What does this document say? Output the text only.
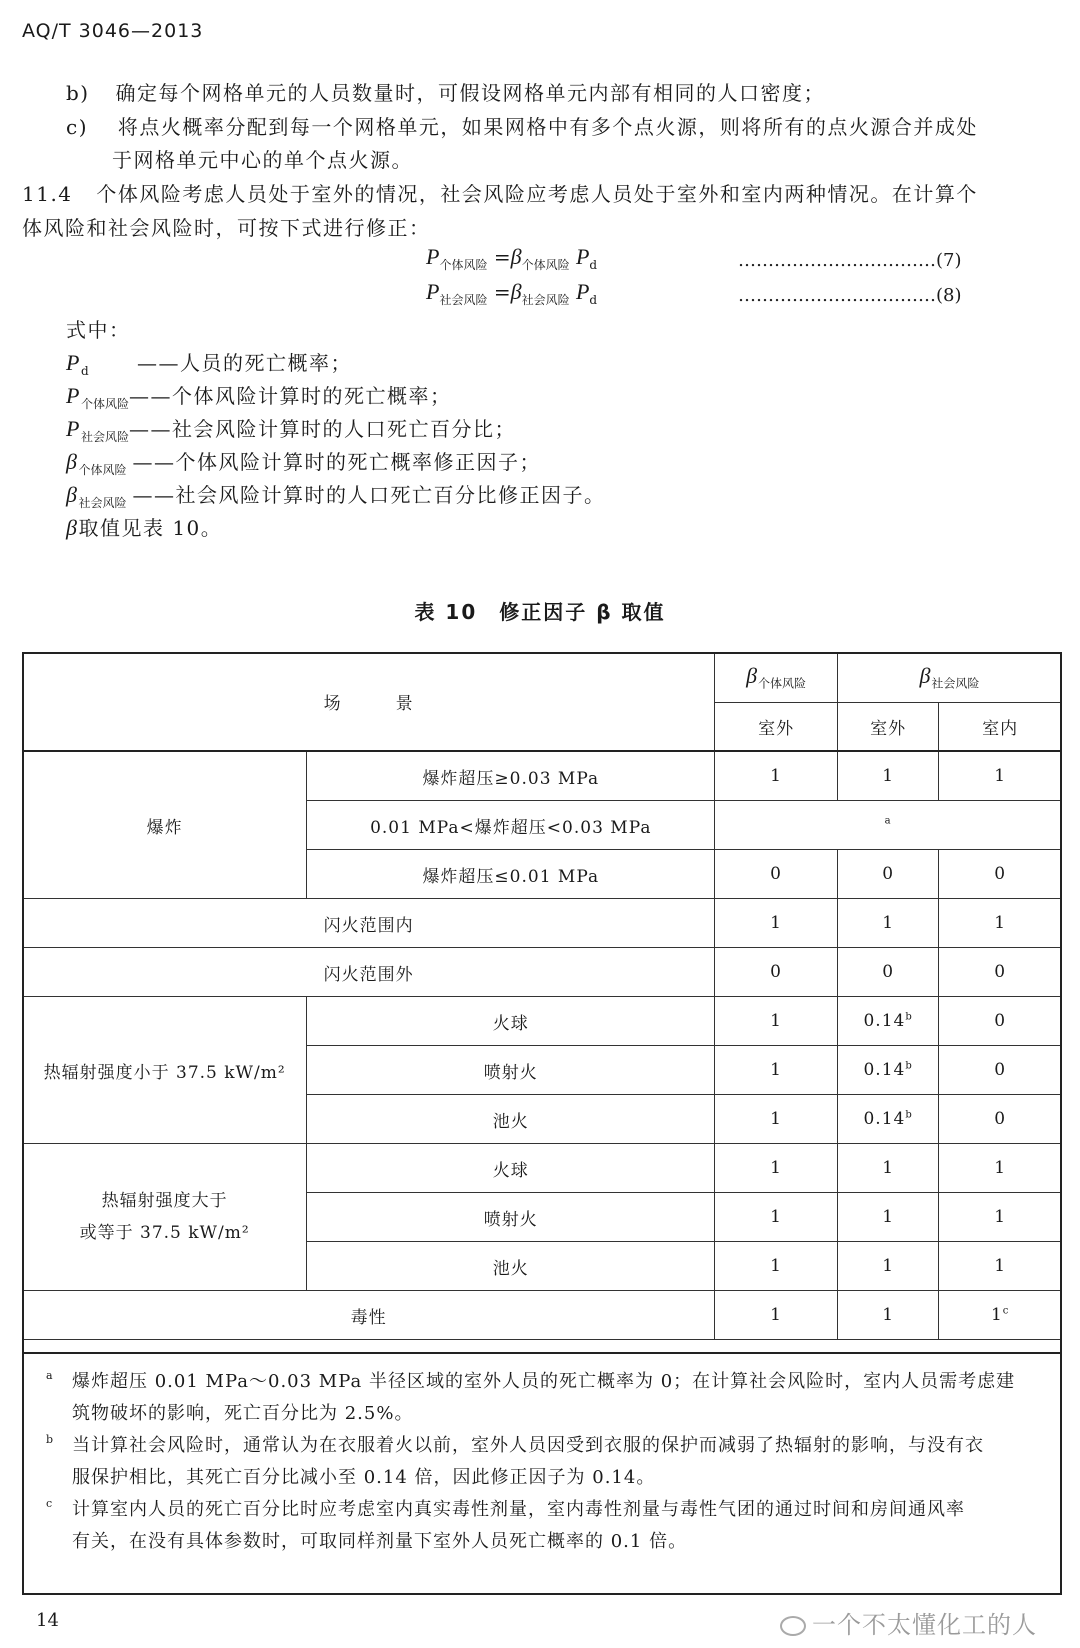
AQ/T 3046—2013
b) 确定每个网格单元的人员数量时，可假设网格单元内部有相同的人口密度；
c) 将点火概率分配到每一个网格单元，如果网格中有多个点火源，则将所有的点火源合并成处
于网格单元中心的单个点火源。
11.4 个体风险考虑人员处于室外的情况，社会风险应考虑人员处于室外和室内两种情况。在计算个
体风险和社会风险时，可按下式进行修正：
$P_{个体风险} =\beta_{个体风险}$ $P_d$	……………………………(7)
$P_{社会风险} =\beta_{社会风险}$ $P_d$	……………………………(8)
式中：
$P_d$ ——人员的死亡概率；
$P_{个体风险}——$个体风险计算时的死亡概率；
$P_{社会风险}——$社会风险计算时的人口死亡百分比；
$\beta_{个体风险}$ ——个体风险计算时的死亡概率修正因子；
$\beta_{社会风险}$ ——社会风险计算时的人口死亡百分比修正因子。
β取值见表 10。
表 10　修正因子 β 取值
场　　　景		$\beta_{个体风险}$	$\beta_{社会风险}$
		室外	室外	室内
爆炸	爆炸超压≥0.03 MPa	1	1	1
	0.01 MPa<爆炸超压<0.03 MPa	$^a$
	爆炸超压≤0.01 MPa	0	0	0
闪火范围内		1	1	1
闪火范围外		0	0	0
热辐射强度小于 37.5 kW/m²	火球	1	0.14$^b$	0
	喷射火	1	0.14$^b$	0
	池火	1	0.14$^b$	0
热辐射强度大于
或等于 37.5 kW/m²	火球	1	1	1
	喷射火	1	1	1
	池火	1	1	1
毒性		1	1	1$^c$
a 爆炸超压 0.01 MPa～0.03 MPa 半径区域的室外人员的死亡概率为 0；在计算社会风险时，室内人员需考虑建
筑物破坏的影响，死亡百分比为 2.5%。
b 当计算社会风险时，通常认为在衣服着火以前，室外人员因受到衣服的保护而减弱了热辐射的影响，与没有衣
服保护相比，其死亡百分比减小至 0.14 倍，因此修正因子为 0.14。
c 计算室内人员的死亡百分比时应考虑室内真实毒性剂量，室内毒性剂量与毒性气团的通过时间和房间通风率
有关，在没有具体参数时，可取同样剂量下室外人员死亡概率的 0.1 倍。
14	一个不太懂化工的人
